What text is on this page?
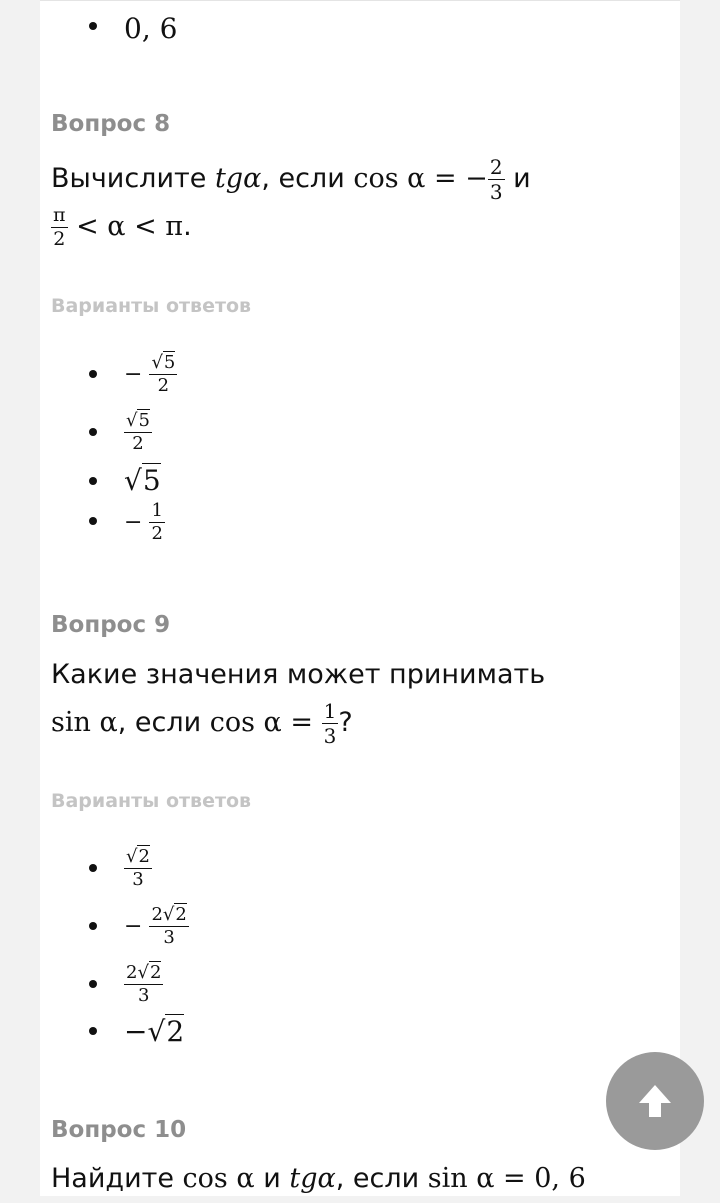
0, 6
Вопрос 8
Вычислите tgα, если cos α = − $\frac{2}{3}$ и

$\frac{\pi}{2} < \alpha < \pi$.
Варианты ответов
−
$\frac{√5}{2}$
$\frac{√5}{2}$
√ 5
−
$\frac{1}{2}$
Вопрос 9
Какие значения может принимать
sin α, если $\cos \alpha = \frac{1}{3}$ ?
Варианты ответов
$\frac{√2}{3}$
−
$\frac{2√2}{3}$
$\frac{2√2}{3}$
− √ 2
Вопрос 10
Найдите cos α и tgα, если sin α = 0, 6
